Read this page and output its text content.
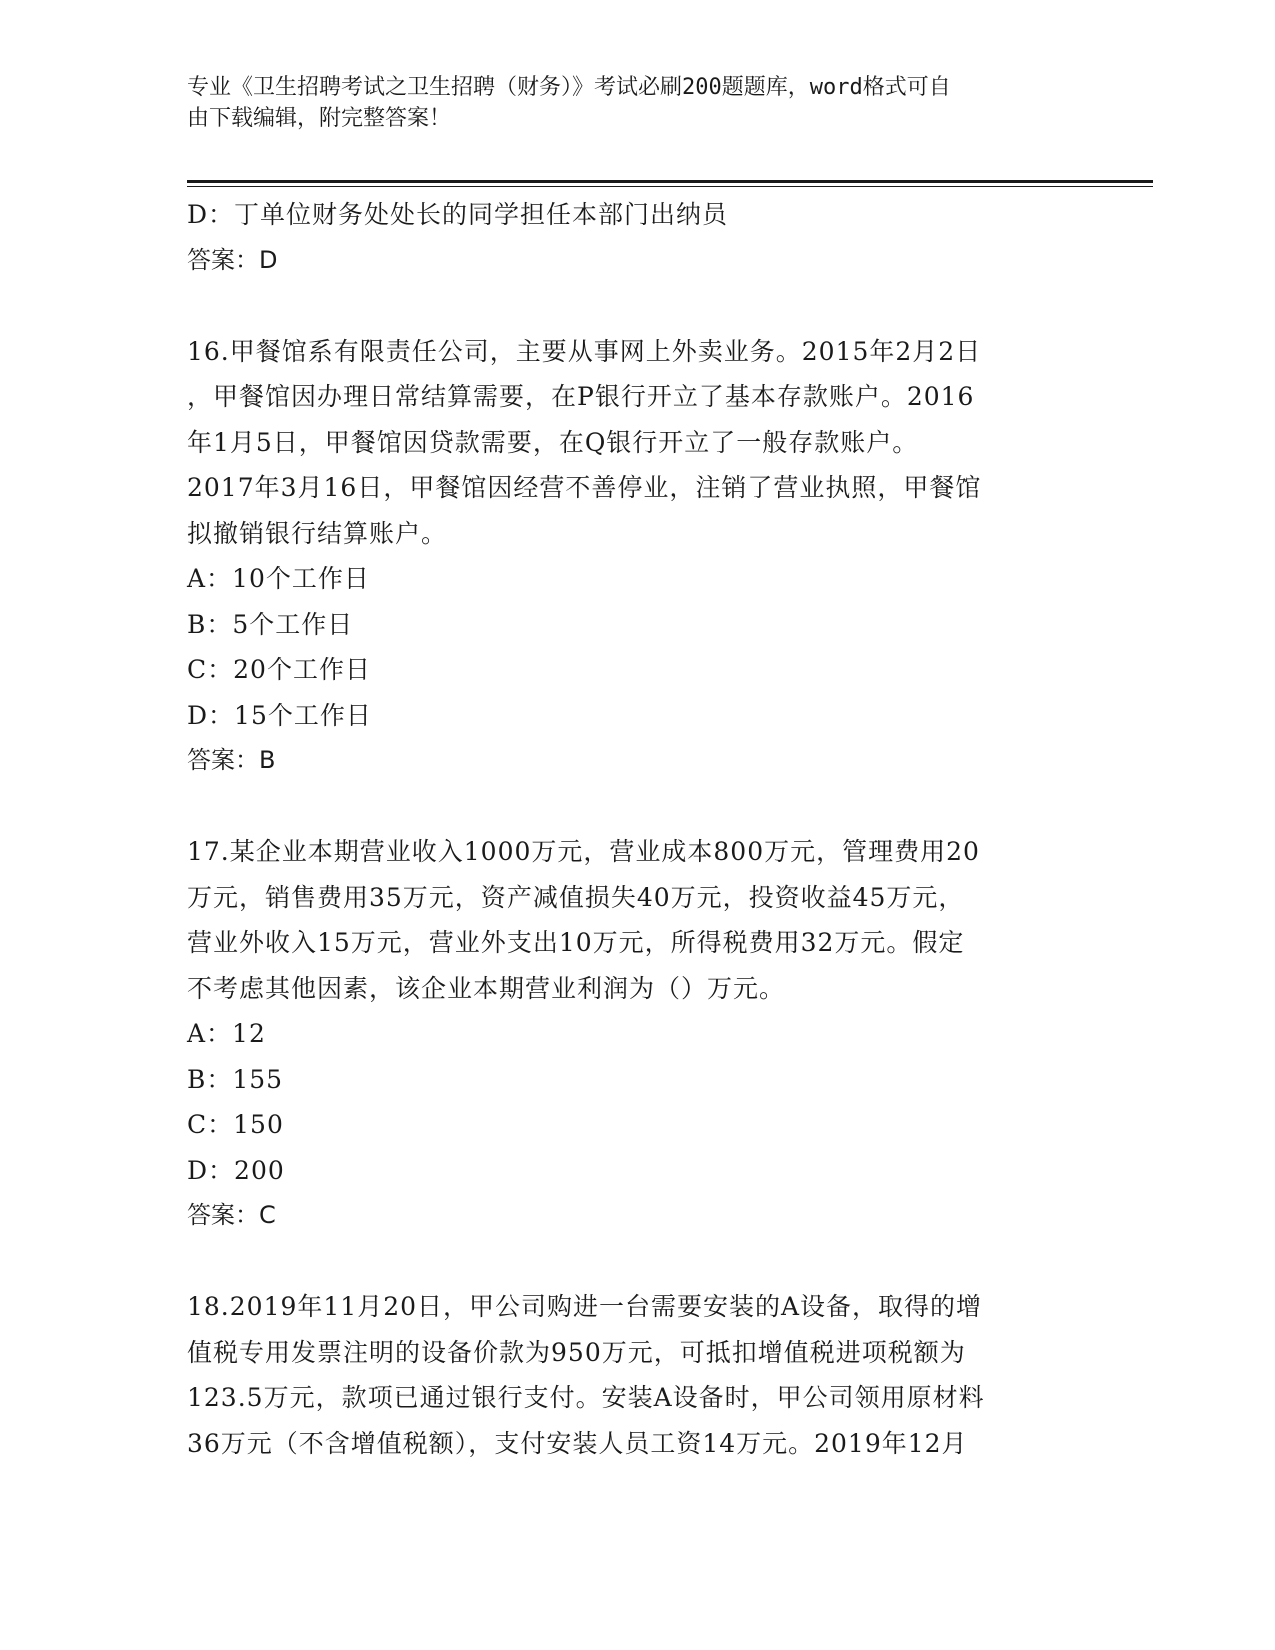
专业《卫生招聘考试之卫生招聘（财务）》考试必刷200题题库，word格式可自
由下载编辑，附完整答案！
D：丁单位财务处处长的同学担任本部门出纳员
答案：D
16.甲餐馆系有限责任公司，主要从事网上外卖业务。2015年2月2日
，甲餐馆因办理日常结算需要，在P银行开立了基本存款账户。2016
年1月5日，甲餐馆因贷款需要，在Q银行开立了一般存款账户。
2017年3月16日，甲餐馆因经营不善停业，注销了营业执照，甲餐馆
拟撤销银行结算账户。
A：10个工作日
B：5个工作日
C：20个工作日
D：15个工作日
答案：B
17.某企业本期营业收入1000万元，营业成本800万元，管理费用20
万元，销售费用35万元，资产减值损失40万元，投资收益45万元，
营业外收入15万元，营业外支出10万元，所得税费用32万元。假定
不考虑其他因素，该企业本期营业利润为（）万元。
A：12
B：155
C：150
D：200
答案：C
18.2019年11月20日，甲公司购进一台需要安装的A设备，取得的增
值税专用发票注明的设备价款为950万元，可抵扣增值税进项税额为
123.5万元，款项已通过银行支付。安装A设备时，甲公司领用原材料
36万元（不含增值税额），支付安装人员工资14万元。2019年12月
